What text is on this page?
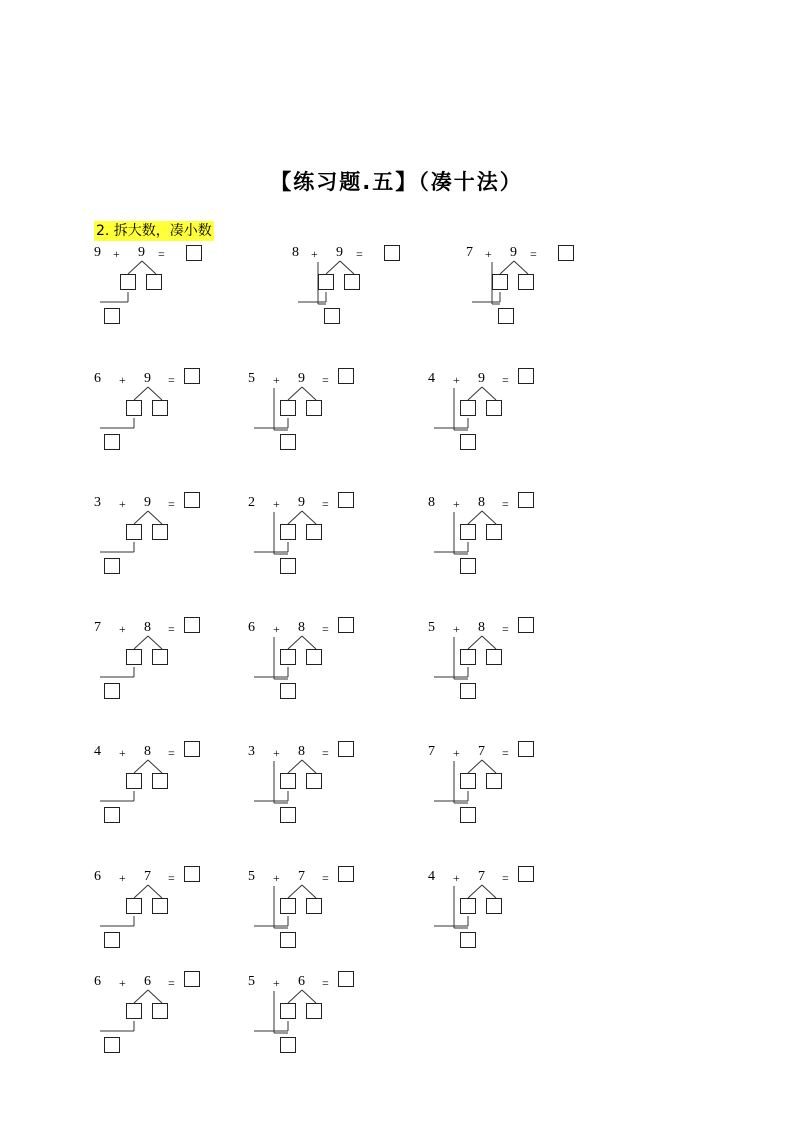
【练习题.五】（凑十法）
2. 拆大数，凑小数
9 + 9 =	8 + 9 =	7 + 9 =
6 + 9 =	5 + 9 =	4 + 9 =
3 + 9 =	2 + 9 =	8 + 8 =
7 + 8 =	6 + 8 =	5 + 8 =
4 + 8 =	3 + 8 =	7 + 7 =
6 + 7 =	5 + 7 =	4 + 7 =
6 + 6 =	5 + 6 =
